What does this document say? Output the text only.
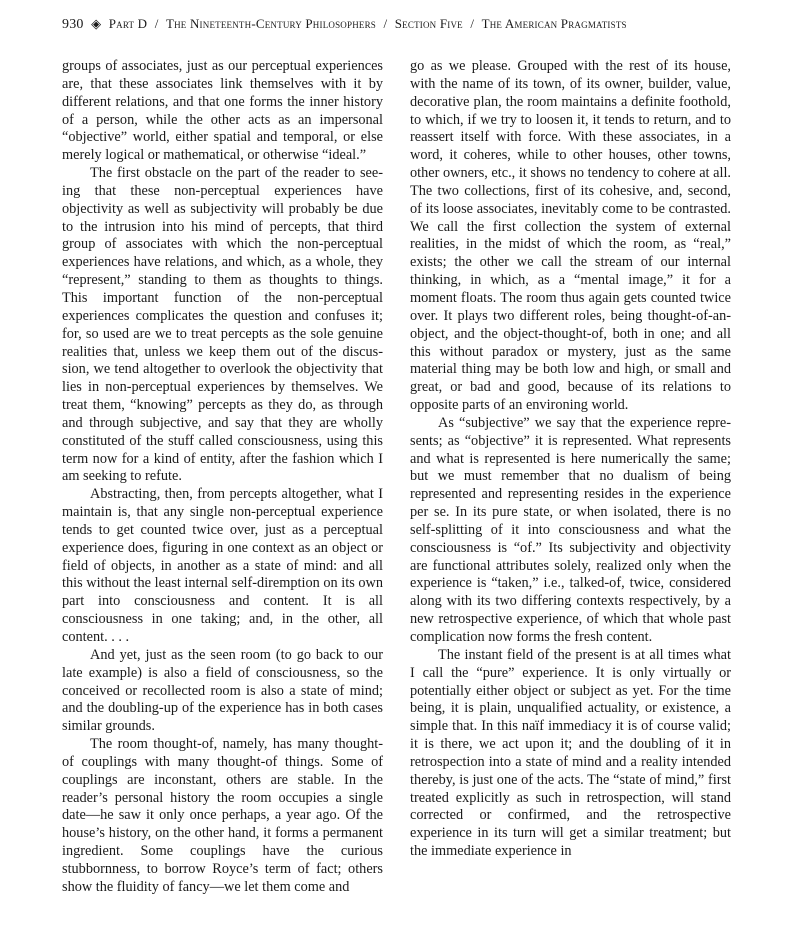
930 ◈ Part D / The Nineteenth-Century Philosophers / Section Five / The American Pragmatists

groups of associates, just as our perceptual experiences are, that these associates link themselves with it by different relations, and that one forms the inner history of a person, while the other acts as an impersonal “objective” world, either spatial and temporal, or else merely logical or mathematical, or otherwise “ideal.”

The first obstacle on the part of the reader to seeing that these non-perceptual experiences have objectivity as well as subjectivity will probably be due to the intrusion into his mind of percepts, that third group of associates with which the non-perceptual experiences have relations, and which, as a whole, they “represent,” standing to them as thoughts to things. This important function of the non-perceptual experiences complicates the question and confuses it; for, so used are we to treat percepts as the sole genuine realities that, unless we keep them out of the discussion, we tend altogether to overlook the objectivity that lies in non-perceptual experiences by themselves. We treat them, “knowing” percepts as they do, as through and through subjective, and say that they are wholly constituted of the stuff called consciousness, using this term now for a kind of entity, after the fashion which I am seeking to refute.

Abstracting, then, from percepts altogether, what I maintain is, that any single non-perceptual experience tends to get counted twice over, just as a perceptual experience does, figuring in one context as an object or field of objects, in another as a state of mind: and all this without the least internal self-diremption on its own part into consciousness and content. It is all consciousness in one taking; and, in the other, all content. . . .

And yet, just as the seen room (to go back to our late example) is also a field of consciousness, so the conceived or recollected room is also a state of mind; and the doubling-up of the experience has in both cases similar grounds.

The room thought-of, namely, has many thought-of couplings with many thought-of things. Some of couplings are inconstant, others are stable. In the reader’s personal history the room occupies a single date—he saw it only once perhaps, a year ago. Of the house’s history, on the other hand, it forms a permanent ingredient. Some couplings have the curious stubbornness, to borrow Royce’s term of fact; others show the fluidity of fancy—we let them come and

go as we please. Grouped with the rest of its house, with the name of its town, of its owner, builder, value, decorative plan, the room maintains a definite foothold, to which, if we try to loosen it, it tends to return, and to reassert itself with force. With these associates, in a word, it coheres, while to other houses, other towns, other owners, etc., it shows no tendency to cohere at all. The two collections, first of its cohesive, and, second, of its loose associates, inevitably come to be contrasted. We call the first collection the system of external realities, in the midst of which the room, as “real,” exists; the other we call the stream of our internal thinking, in which, as a “mental image,” it for a moment floats. The room thus again gets counted twice over. It plays two different roles, being thought-of-an-object, and the object-thought-of, both in one; and all this without paradox or mystery, just as the same material thing may be both low and high, or small and great, or bad and good, because of its relations to opposite parts of an environing world.

As “subjective” we say that the experience represents; as “objective” it is represented. What represents and what is represented is here numerically the same; but we must remember that no dualism of being represented and representing resides in the experience per se. In its pure state, or when isolated, there is no self-splitting of it into consciousness and what the consciousness is “of.” Its subjectivity and objectivity are functional attributes solely, realized only when the experience is “taken,” i.e., talked-of, twice, considered along with its two differing contexts respectively, by a new retrospective experience, of which that whole past complication now forms the fresh content.

The instant field of the present is at all times what I call the “pure” experience. It is only virtually or potentially either object or subject as yet. For the time being, it is plain, unqualified actuality, or existence, a simple that. In this naïf immediacy it is of course valid; it is there, we act upon it; and the doubling of it in retrospection into a state of mind and a reality intended thereby, is just one of the acts. The “state of mind,” first treated explicitly as such in retrospection, will stand corrected or confirmed, and the retrospective experience in its turn will get a similar treatment; but the immediate experience in
